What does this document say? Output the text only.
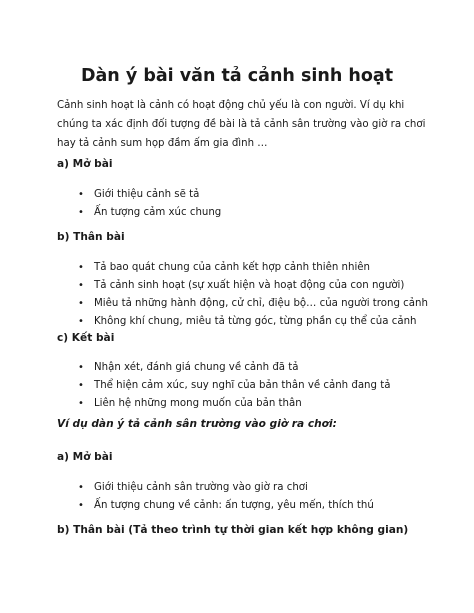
Dàn ý bài văn tả cảnh sinh hoạt

Cảnh sinh hoạt là cảnh có hoạt động chủ yếu là con người. Ví dụ khi chúng ta xác định đối tượng đề bài là tả cảnh sân trường vào giờ ra chơi hay tả cảnh sum họp đầm ấm gia đình …

a) Mở bài
• Giới thiệu cảnh sẽ tả
• Ấn tượng cảm xúc chung
b) Thân bài
• Tả bao quát chung của cảnh kết hợp cảnh thiên nhiên
• Tả cảnh sinh hoạt (sự xuất hiện và hoạt động của con người)
• Miêu tả những hành động, cử chỉ, điệu bộ… của người trong cảnh
• Không khí chung, miêu tả từng góc, từng phần cụ thể của cảnh
c) Kết bài
• Nhận xét, đánh giá chung về cảnh đã tả
• Thể hiện cảm xúc, suy nghĩ của bản thân về cảnh đang tả
• Liên hệ những mong muốn của bản thân
Ví dụ dàn ý tả cảnh sân trường vào giờ ra chơi:
a) Mở bài
• Giới thiệu cảnh sân trường vào giờ ra chơi
• Ấn tượng chung về cảnh: ấn tượng, yêu mến, thích thú
b) Thân bài (Tả theo trình tự thời gian kết hợp không gian)
